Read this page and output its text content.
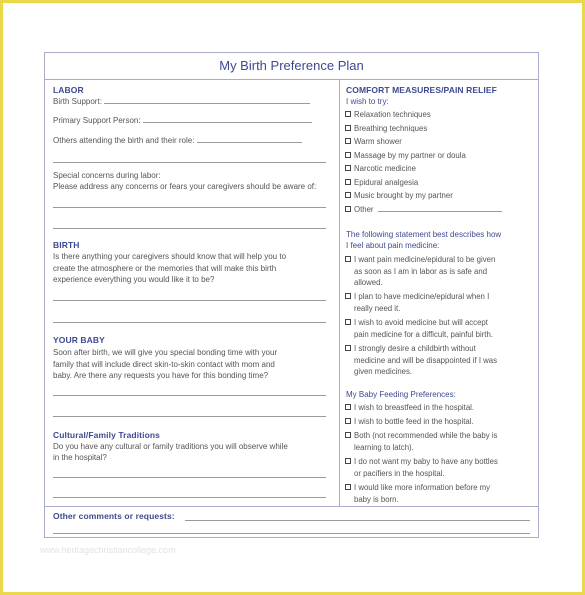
My Birth Preference Plan
LABOR
Birth Support:
Primary Support Person:
Others attending the birth and their role:
Special concerns during labor:
Please address any concerns or fears your caregivers should be aware of:
BIRTH
Is there anything your caregivers should know that will help you to
create the atmosphere or the memories that will make this birth
experience everything you would like it to be?
YOUR BABY
Soon after birth, we will give you special bonding time with your
family that will include direct skin-to-skin contact with mom and
baby. Are there any requests you have for this bonding time?
Cultural/Family Traditions
Do you have any cultural or family traditions you will observe while
in the hospital?
COMFORT MEASURES/PAIN RELIEF
I wish to try:
Relaxation techniques
Breathing techniques
Warm shower
Massage by my partner or doula
Narcotic medicine
Epidural analgesia
Music brought by my partner
Other
The following statement best describes how
I feel about pain medicine:
I want pain medicine/epidural to be given
as soon as I am in labor as is safe and
allowed.
I plan to have medicine/epidural when I
really need it.
I wish to avoid medicine but will accept
pain medicine for a difficult, painful birth.
I strongly desire a childbirth without
medicine and will be disappointed if I was
given medicines.
My Baby Feeding Preferences:
I wish to breastfeed in the hospital.
I wish to bottle feed in the hospital.
Both (not recommended while the baby is
learning to latch).
I do not want my baby to have any bottles
or pacifiers in the hospital.
I would like more information before my
baby is born.
Other comments or requests:
www.heritagechristiancollege.com
